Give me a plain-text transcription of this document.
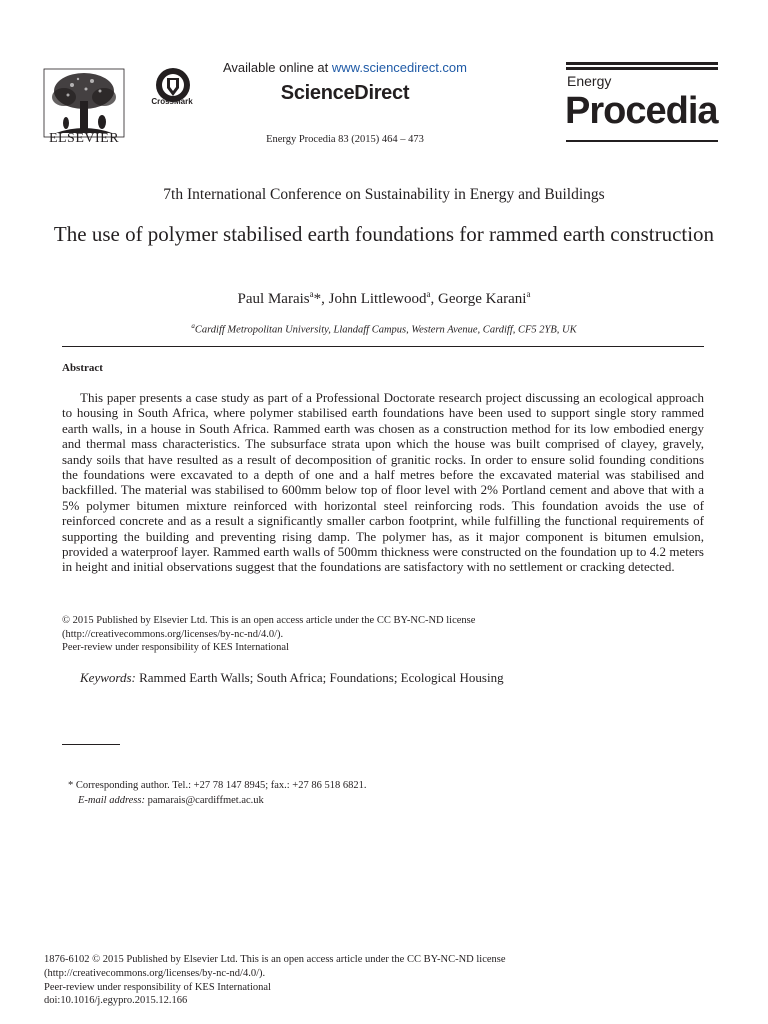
ELSEVIER
CrossMark
Available online at www.sciencedirect.com
ScienceDirect
Energy Procedia 83 (2015) 464 – 473
Energy
Procedia
7th International Conference on Sustainability in Energy and Buildings
The use of polymer stabilised earth foundations for rammed earth construction
Paul Marais$^a$*, John Littlewood$^a$, George Karani$^a$
$^a$Cardiff Metropolitan University, Llandaff Campus, Western Avenue, Cardiff, CF5 2YB, UK
Abstract
This paper presents a case study as part of a Professional Doctorate research project discussing an ecological approach to housing in South Africa, where polymer stabilised earth foundations have been used to support single story rammed earth walls, in a house in South Africa. Rammed earth was chosen as a construction method for its low embodied energy and thermal mass characteristics. The subsurface strata upon which the house was built comprised of clayey, gravely, sandy soils that have resulted as a result of decomposition of granitic rocks. In order to ensure solid founding conditions the foundations were excavated to a depth of one and a half metres before the excavated material was stabilised and backfilled. The material was stabilised to 600mm below top of floor level with 2% Portland cement and above that with a 5% polymer bitumen mixture reinforced with horizontal steel reinforcing rods. This foundation avoids the use of reinforced concrete and as a result a significantly smaller carbon footprint, while fulfilling the functional requirements of supporting the building and preventing rising damp. The polymer has, as it major component is bitumen emulsion, provided a waterproof layer. Rammed earth walls of 500mm thickness were constructed on the foundation up to 4.2 meters in height and initial observations suggest that the foundations are satisfactory with no settlement or cracking detected.
© 2015 Published by Elsevier Ltd. This is an open access article under the CC BY-NC-ND license
(http://creativecommons.org/licenses/by-nc-nd/4.0/).
Peer-review under responsibility of KES International
Keywords: Rammed Earth Walls; South Africa; Foundations; Ecological Housing
* Corresponding author. Tel.: +27 78 147 8945; fax.: +27 86 518 6821.
E-mail address: pamarais@cardiffmet.ac.uk
1876-6102 © 2015 Published by Elsevier Ltd. This is an open access article under the CC BY-NC-ND license
(http://creativecommons.org/licenses/by-nc-nd/4.0/).
Peer-review under responsibility of KES International
doi:10.1016/j.egypro.2015.12.166
